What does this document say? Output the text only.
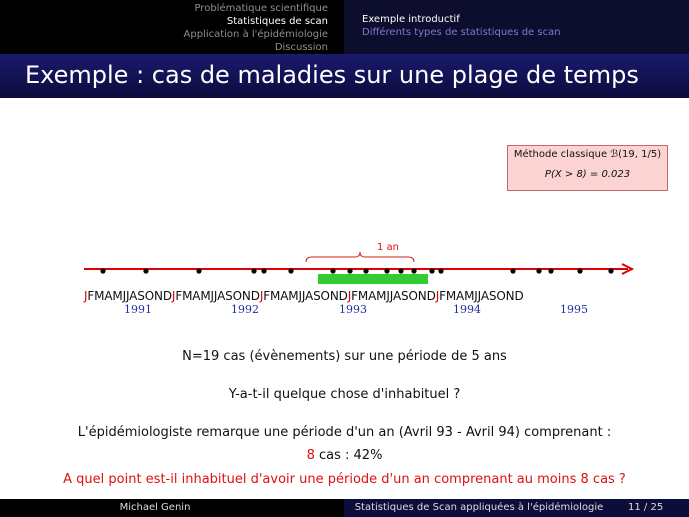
Problématique scientifique
Statistiques de scan
Application à l'épidémiologie
Discussion
Exemple introductif
Différents types de statistiques de scan
Exemple : cas de maladies sur une plage de temps
Méthode classique ℬ(19, 1/5)
P(X > 8) = 0.023
1 an
JFMAMJJASONDJFMAMJJASONDJFMAMJJASONDJFMAMJJASONDJFMAMJJASOND
1991	1992	1993	1994	1995
N=19 cas (évènements) sur une période de 5 ans
Y-a-t-il quelque chose d'inhabituel ?
L'épidémiologiste remarque une période d'un an (Avril 93 - Avril 94) comprenant :
8 cas : 42%
A quel point est-il inhabituel d'avoir une période d'un an comprenant au moins 8 cas ?
Michael Genin	Statistiques de Scan appliquées à l'épidémiologie	11 / 25
